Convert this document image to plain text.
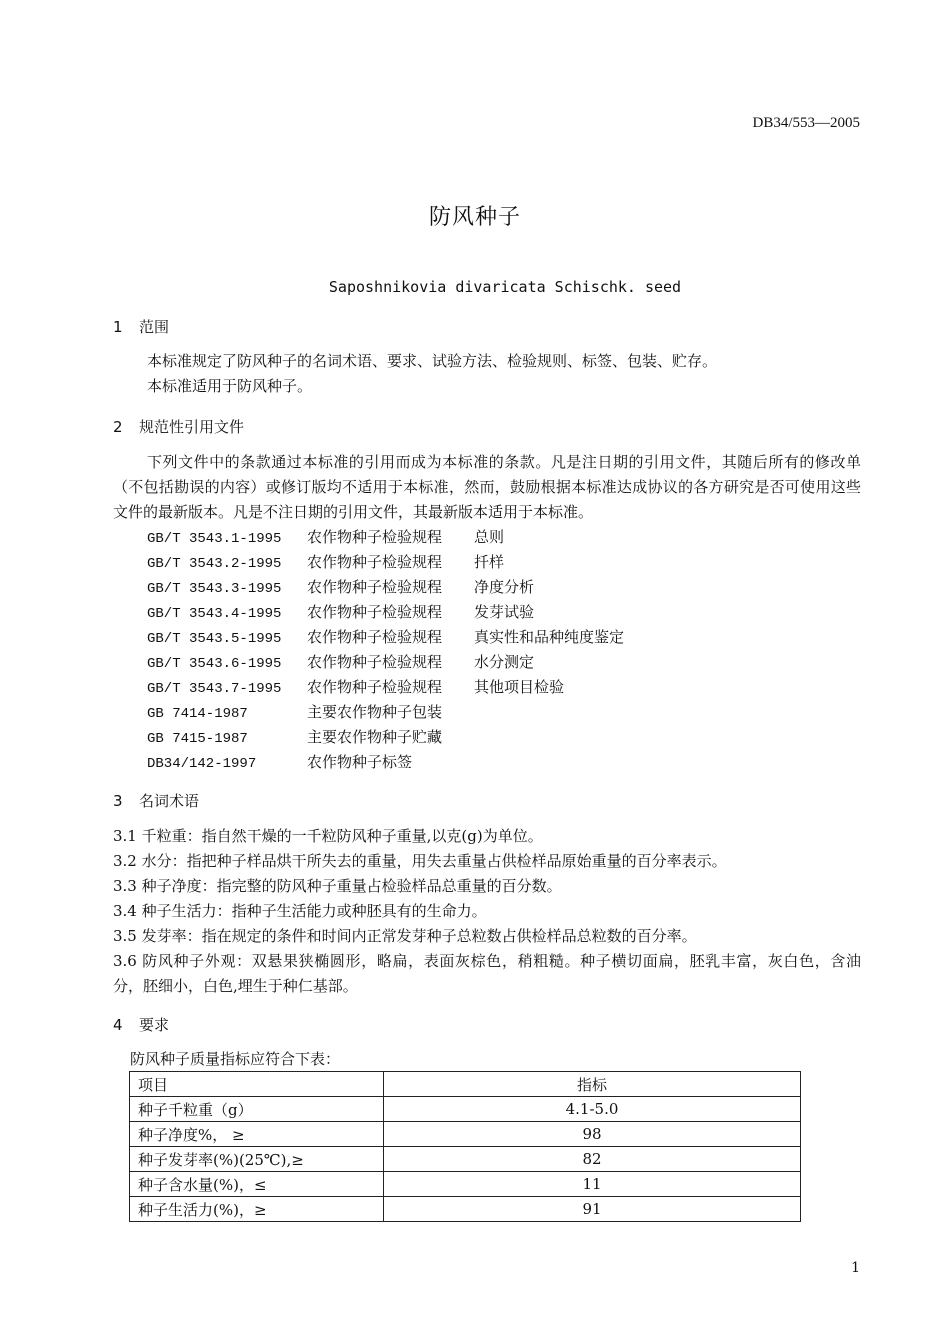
DB34/553—2005
防风种子
Saposhnikovia divaricata Schischk. seed
1 范围
本标准规定了防风种子的名词术语、要求、试验方法、检验规则、标签、包装、贮存。
本标准适用于防风种子。
2 规范性引用文件
下列文件中的条款通过本标准的引用而成为本标准的条款。凡是注日期的引用文件，其随后所有的修改单（不包括勘误的内容）或修订版均不适用于本标准，然而，鼓励根据本标准达成协议的各方研究是否可使用这些文件的最新版本。凡是不注日期的引用文件，其最新版本适用于本标准。
GB/T 3543.1-1995 农作物种子检验规程 总则
GB/T 3543.2-1995 农作物种子检验规程 扦样
GB/T 3543.3-1995 农作物种子检验规程 净度分析
GB/T 3543.4-1995 农作物种子检验规程 发芽试验
GB/T 3543.5-1995 农作物种子检验规程 真实性和品种纯度鉴定
GB/T 3543.6-1995 农作物种子检验规程 水分测定
GB/T 3543.7-1995 农作物种子检验规程 其他项目检验
GB 7414-1987	主要农作物种子包装
GB 7415-1987	主要农作物种子贮藏
DB34/142-1997	农作物种子标签
3 名词术语
3.1 千粒重：指自然干燥的一千粒防风种子重量,以克(g)为单位。
3.2 水分：指把种子样品烘干所失去的重量，用失去重量占供检样品原始重量的百分率表示。
3.3 种子净度：指完整的防风种子重量占检验样品总重量的百分数。
3.4 种子生活力：指种子生活能力或种胚具有的生命力。
3.5 发芽率：指在规定的条件和时间内正常发芽种子总粒数占供检样品总粒数的百分率。
3.6 防风种子外观：双悬果狭椭圆形，略扁，表面灰棕色，稍粗糙。种子横切面扁，胚乳丰富，灰白色，含油分，胚细小，白色,埋生于种仁基部。
4 要求
防风种子质量指标应符合下表：
项目	指标
种子千粒重（g）	4.1-5.0
种子净度%， ≥	98
种子发芽率(%)(25℃),≥	82
种子含水量(%)，≤	11
种子生活力(%)，≥	91
1
